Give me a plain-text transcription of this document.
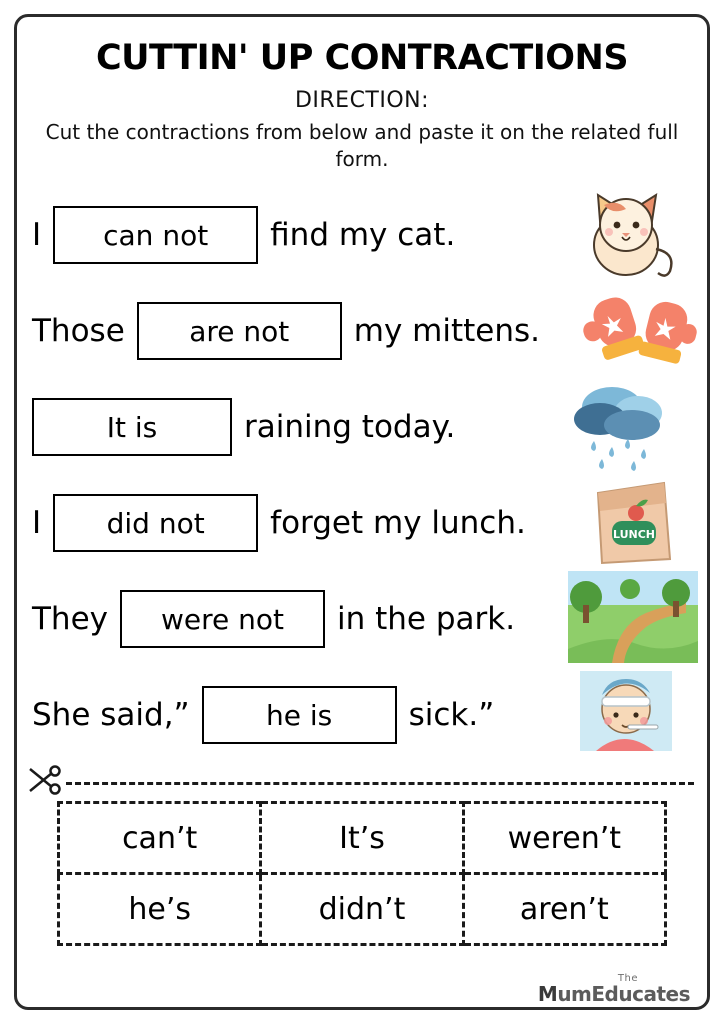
CUTTIN' UP CONTRACTIONS
DIRECTION:
Cut the contractions from below and paste it on the related full form.
I	can not	find my cat.
Those	are not	my mittens.
It is	raining today.
I	did not	forget my lunch.	LUNCH
They	were not	in the park.
She said,”	he is	sick.”
can’t	It’s	weren’t
he’s	didn’t	aren’t
The
MumEducates
